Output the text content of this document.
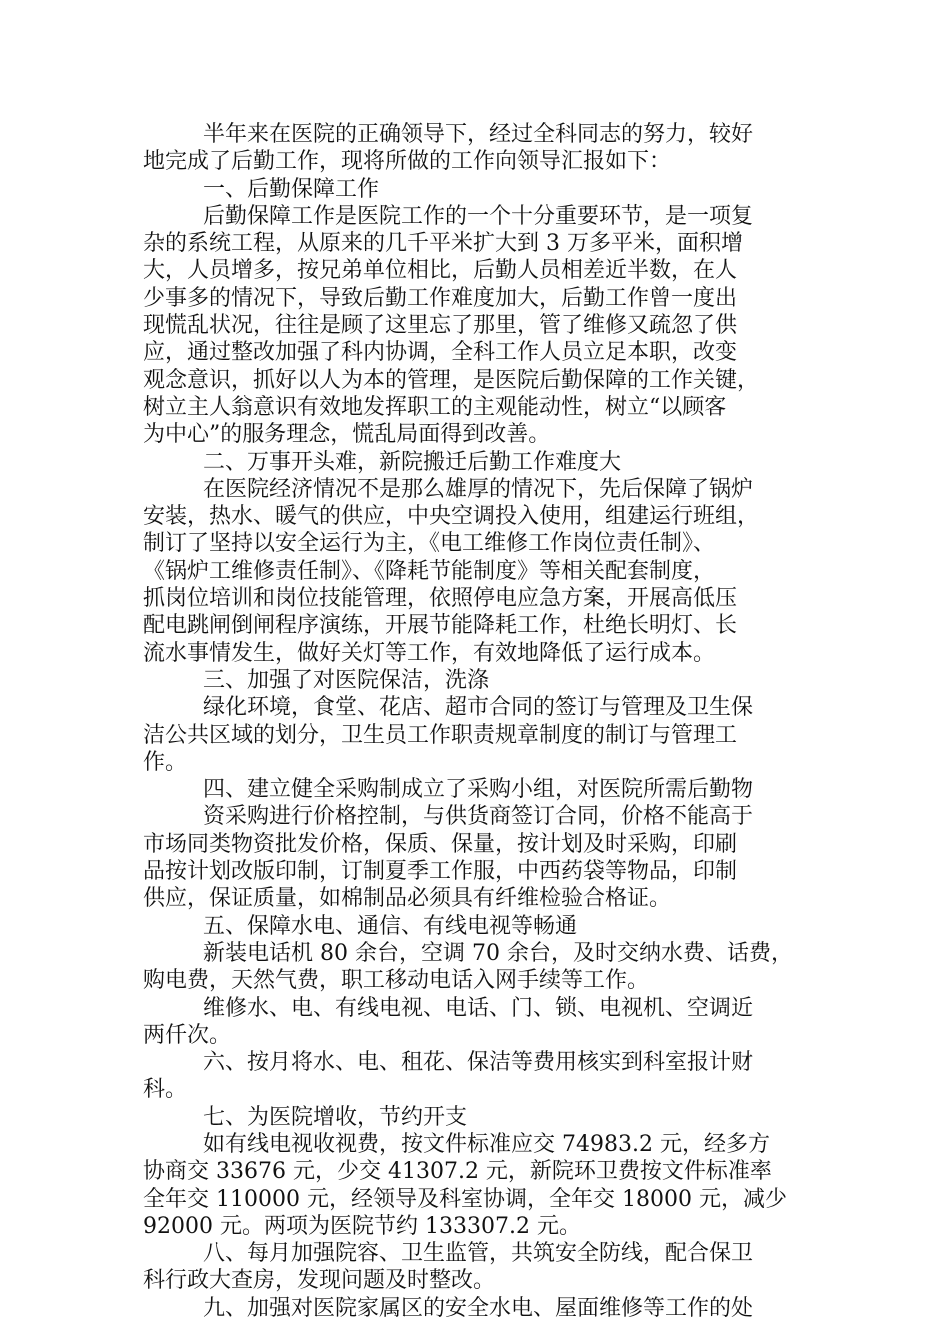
半年来在医院的正确领导下，经过全科同志的努力，较好
地完成了后勤工作，现将所做的工作向领导汇报如下：
一、后勤保障工作
后勤保障工作是医院工作的一个十分重要环节，是一项复
杂的系统工程，从原来的几千平米扩大到 3 万多平米，面积增
大，人员增多，按兄弟单位相比，后勤人员相差近半数，在人
少事多的情况下，导致后勤工作难度加大，后勤工作曾一度出
现慌乱状况，往往是顾了这里忘了那里，管了维修又疏忽了供
应，通过整改加强了科内协调，全科工作人员立足本职，改变
观念意识，抓好以人为本的管理，是医院后勤保障的工作关键，
树立主人翁意识有效地发挥职工的主观能动性，树立“以顾客
为中心”的服务理念，慌乱局面得到改善。
二、万事开头难，新院搬迁后勤工作难度大
在医院经济情况不是那么雄厚的情况下，先后保障了锅炉
安装，热水、暖气的供应，中央空调投入使用，组建运行班组，
制订了坚持以安全运行为主，《电工维修工作岗位责任制》、
《锅炉工维修责任制》、《降耗节能制度》等相关配套制度，
抓岗位培训和岗位技能管理，依照停电应急方案，开展高低压
配电跳闸倒闸程序演练，开展节能降耗工作，杜绝长明灯、长
流水事情发生，做好关灯等工作，有效地降低了运行成本。
三、加强了对医院保洁，洗涤
绿化环境，食堂、花店、超市合同的签订与管理及卫生保
洁公共区域的划分，卫生员工作职责规章制度的制订与管理工
作。
四、建立健全采购制成立了采购小组，对医院所需后勤物
资采购进行价格控制，与供货商签订合同，价格不能高于
市场同类物资批发价格，保质、保量，按计划及时采购，印刷
品按计划改版印制，订制夏季工作服，中西药袋等物品，印制
供应，保证质量，如棉制品必须具有纤维检验合格证。
五、保障水电、通信、有线电视等畅通
新装电话机 80 余台，空调 70 余台，及时交纳水费、话费，
购电费，天然气费，职工移动电话入网手续等工作。
维修水、电、有线电视、电话、门、锁、电视机、空调近
两仟次。
六、按月将水、电、租花、保洁等费用核实到科室报计财
科。
七、为医院增收，节约开支
如有线电视收视费，按文件标准应交 74983.2 元，经多方
协商交 33676 元，少交 41307.2 元，新院环卫费按文件标准率
全年交 110000 元，经领导及科室协调，全年交 18000 元，减少
92000 元。两项为医院节约 133307.2 元。
八、每月加强院容、卫生监管，共筑安全防线，配合保卫
科行政大查房，发现问题及时整改。
九、加强对医院家属区的安全水电、屋面维修等工作的处
